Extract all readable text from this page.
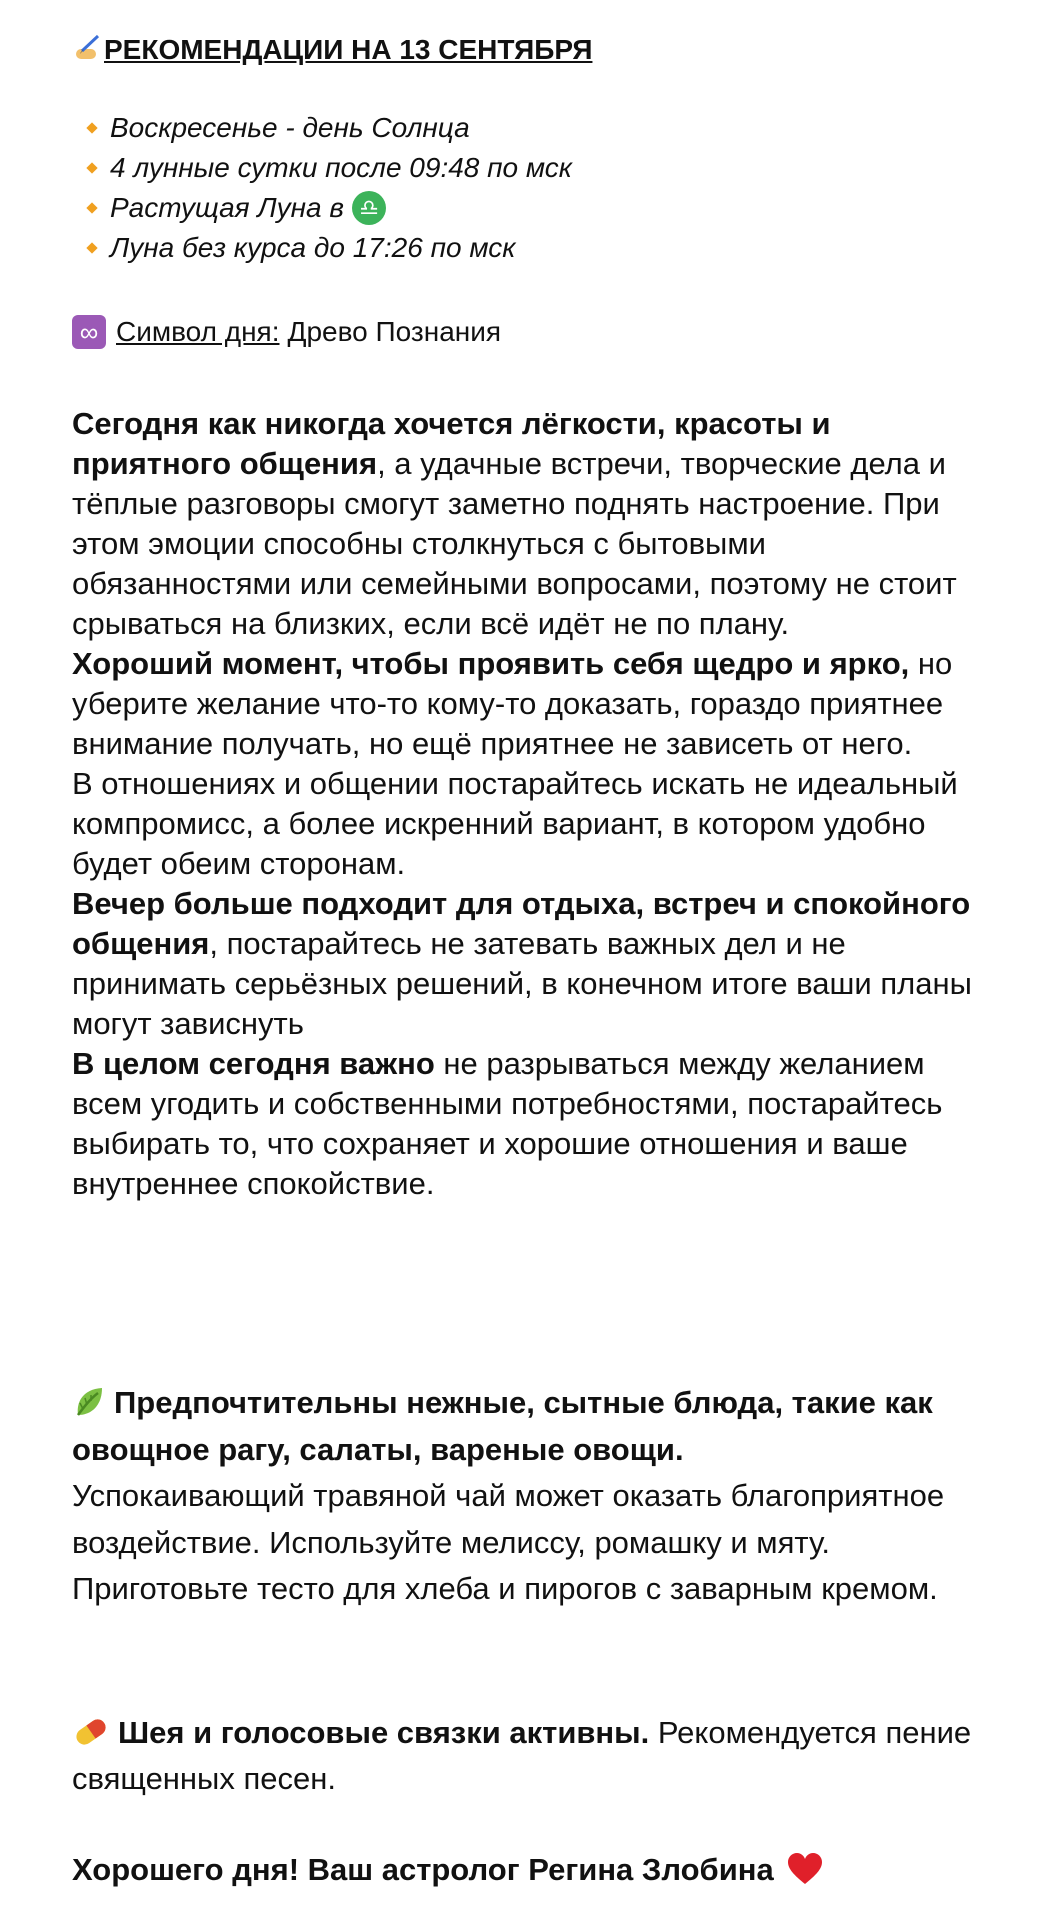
РЕКОМЕНДАЦИИ НА 13 СЕНТЯБРЯ
Воскресенье - день Солнца
4 лунные сутки после 09:48 по мск
Растущая Луна в ♎
Луна без курса до 17:26 по мск
∞ Символ дня: Древо Познания

Сегодня как никогда хочется лёгкости, красоты и приятного общения, а удачные встречи, творческие дела и тёплые разговоры смогут заметно поднять настроение. При этом эмоции способны столкнуться с бытовыми обязанностями или семейными вопросами, поэтому не стоит срываться на близких, если всё идёт не по плану.

Хороший момент, чтобы проявить себя щедро и ярко, но уберите желание что-то кому-то доказать, гораздо приятнее внимание получать, но ещё приятнее не зависеть от него.

В отношениях и общении постарайтесь искать не идеальный компромисс, а более искренний вариант, в котором удобно будет обеим сторонам.

Вечер больше подходит для отдыха, встреч и спокойного общения, постарайтесь не затевать важных дел и не принимать серьёзных решений, в конечном итоге ваши планы могут зависнуть

В целом сегодня важно не разрываться между желанием всем угодить и собственными потребностями, постарайтесь выбирать то, что сохраняет и хорошие отношения и ваше внутреннее спокойствие.

Предпочтительны нежные, сытные блюда, такие как овощное рагу, салаты, вареные овощи.
Успокаивающий травяной чай может оказать благоприятное воздействие. Используйте мелиссу, ромашку и мяту. Приготовьте тесто для хлеба и пирогов с заварным кремом.

Шея и голосовые связки активны. Рекомендуется пение священных песен.

Хорошего дня! Ваш астролог Регина Злобина
